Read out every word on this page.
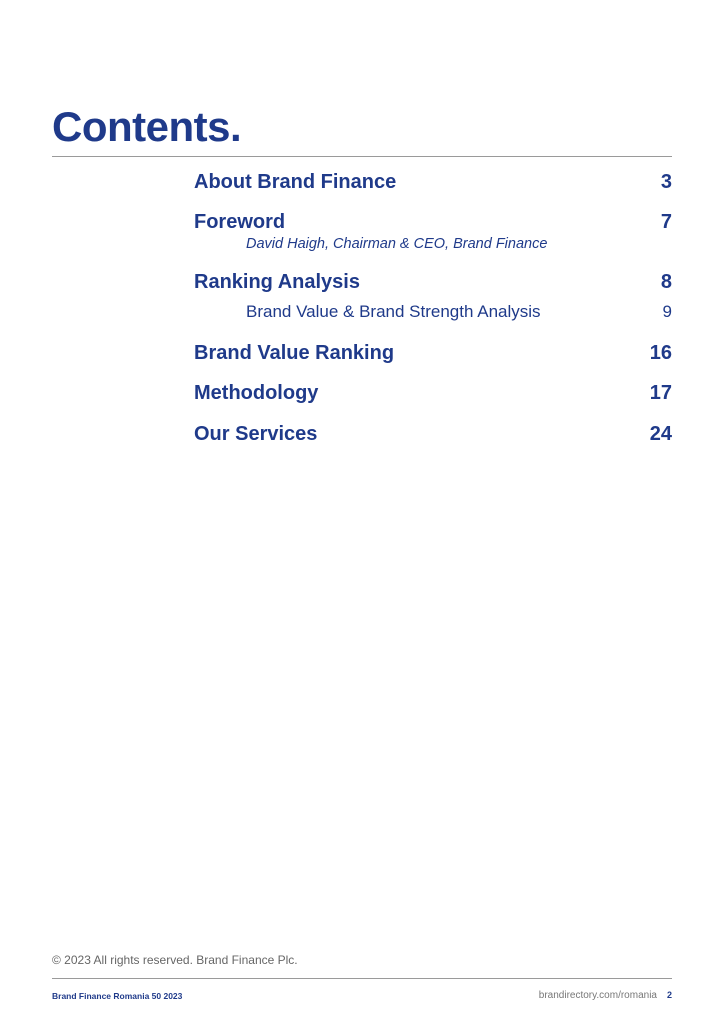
Contents.
About Brand Finance	3
Foreword	7
David Haigh, Chairman & CEO, Brand Finance
Ranking Analysis	8
Brand Value & Brand Strength Analysis	9
Brand Value Ranking	16
Methodology	17
Our Services	24
© 2023 All rights reserved. Brand Finance Plc.
Brand Finance Romania 50 2023	brandirectory.com/romania 2
